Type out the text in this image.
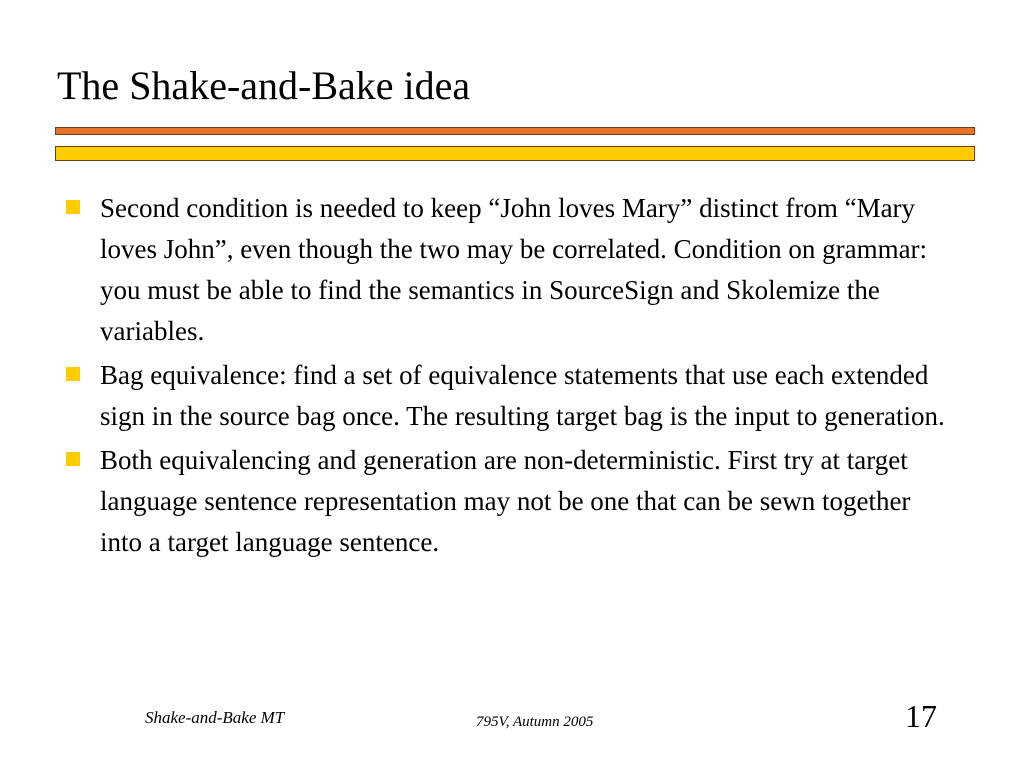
The Shake-and-Bake idea
Second condition is needed to keep “John loves Mary” distinct from “Mary loves John”, even though the two may be correlated. Condition on grammar: you must be able to find the semantics in SourceSign and Skolemize the variables.
Bag equivalence: find a set of equivalence statements that use each extended sign in the source bag once. The resulting target bag is the input to generation.
Both equivalencing and generation are non-deterministic. First try at target language sentence representation may not be one that can be sewn together into a target language sentence.
Shake-and-Bake MT	795V, Autumn 2005	17
